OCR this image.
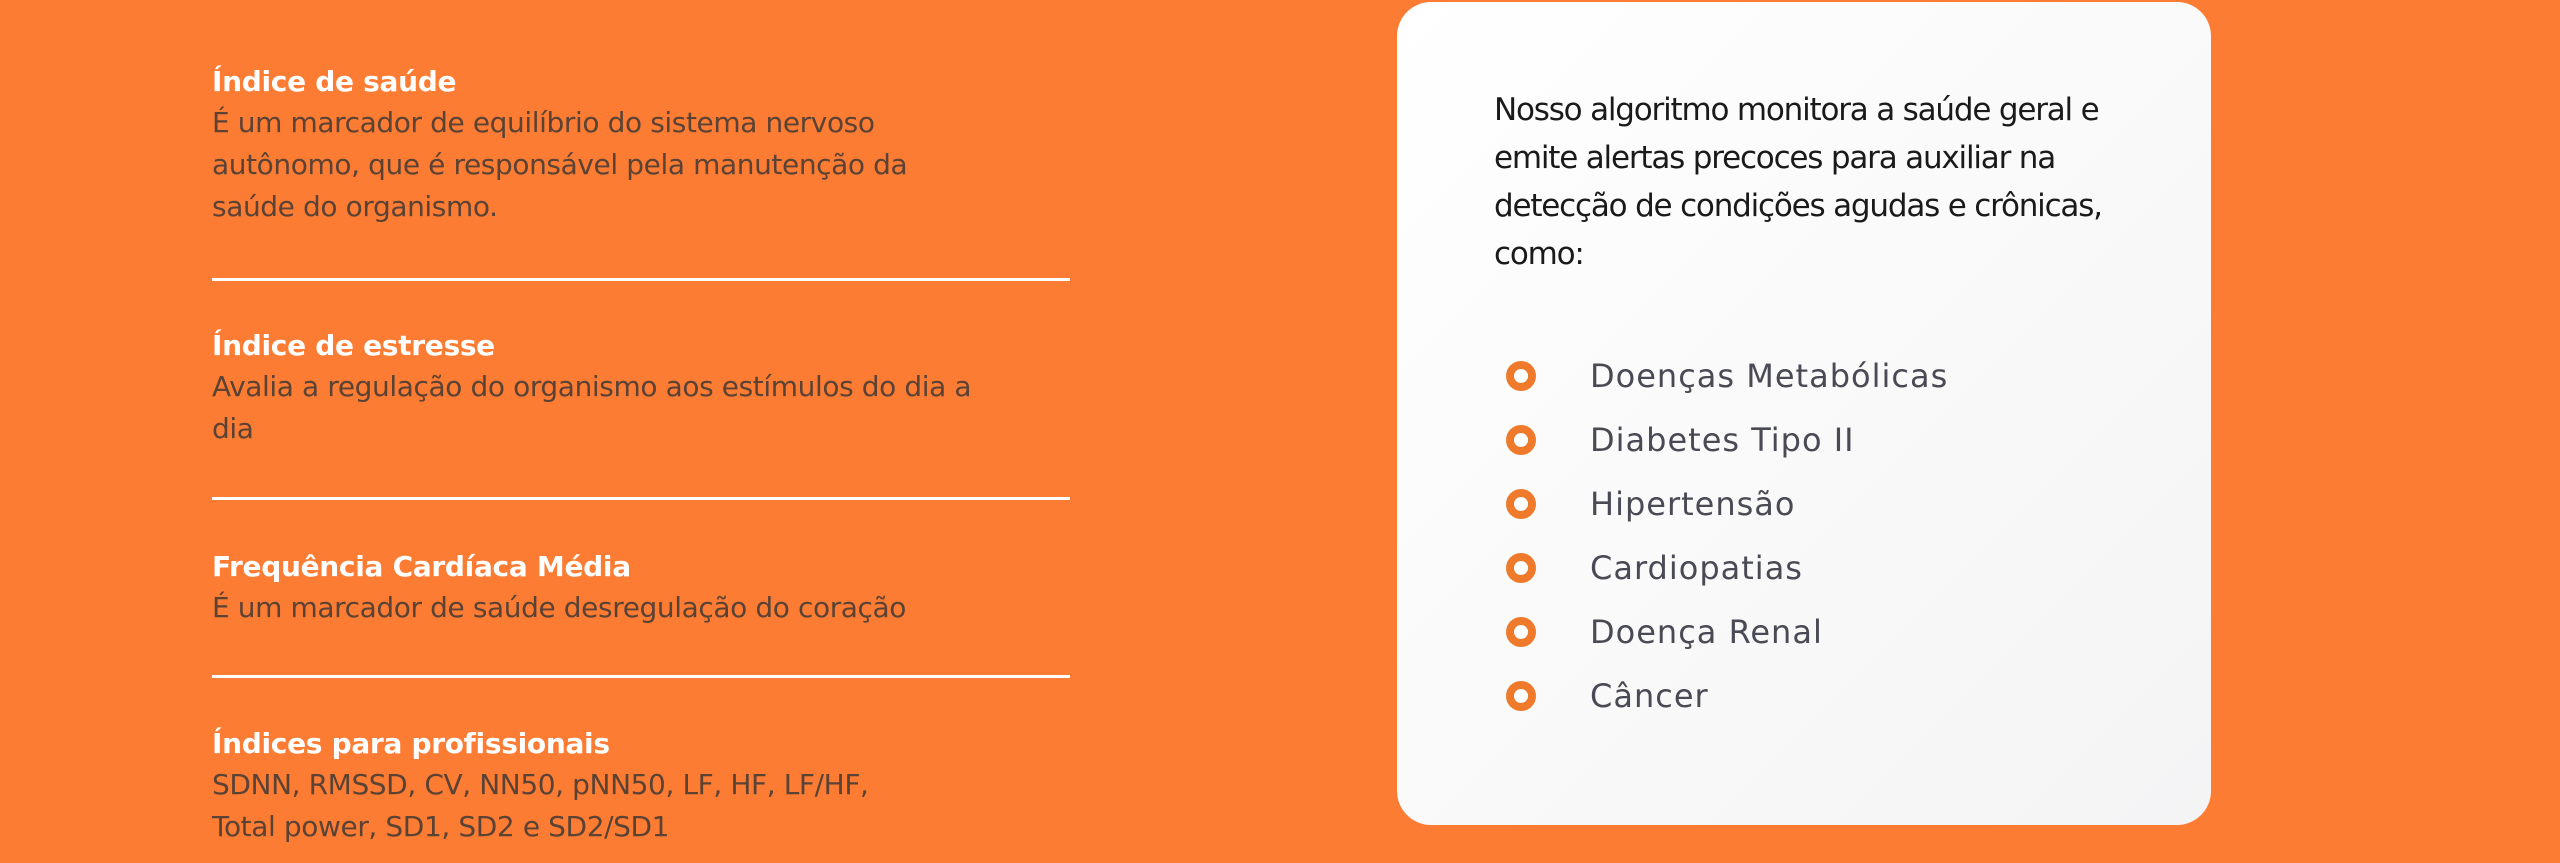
Índice de saúde
É um marcador de equilíbrio do sistema nervoso autônomo, que é responsável pela manutenção da saúde do organismo.
Índice de estresse
Avalia a regulação do organismo aos estímulos do dia a dia
Frequência Cardíaca Média
É um marcador de saúde desregulação do coração
Índices para profissionais
SDNN, RMSSD, CV, NN50, pNN50, LF, HF, LF/HF, Total power, SD1, SD2 e SD2/SD1
Nosso algoritmo monitora a saúde geral e emite alertas precoces para auxiliar na detecção de condições agudas e crônicas, como:
Doenças Metabólicas
Diabetes Tipo II
Hipertensão
Cardiopatias
Doença Renal
Câncer
